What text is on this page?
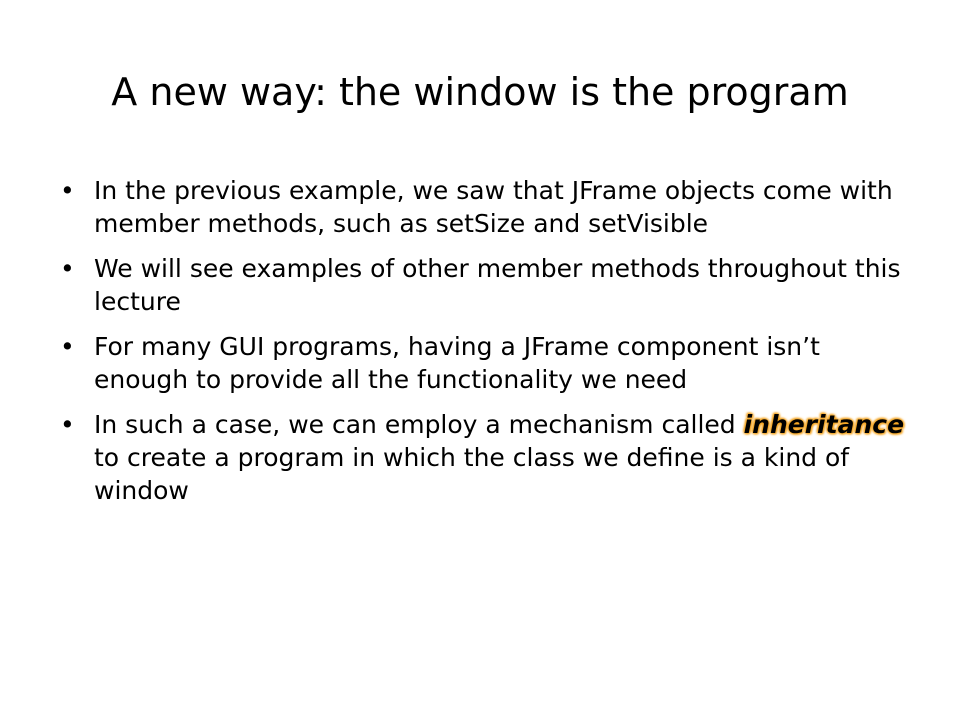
A new way: the window is the program
• In the previous example, we saw that JFrame objects come with member methods, such as setSize and setVisible
• We will see examples of other member methods throughout this lecture
• For many GUI programs, having a JFrame component isn’t enough to provide all the functionality we need
• In such a case, we can employ a mechanism called inheritance to create a program in which the class we define is a kind of window
